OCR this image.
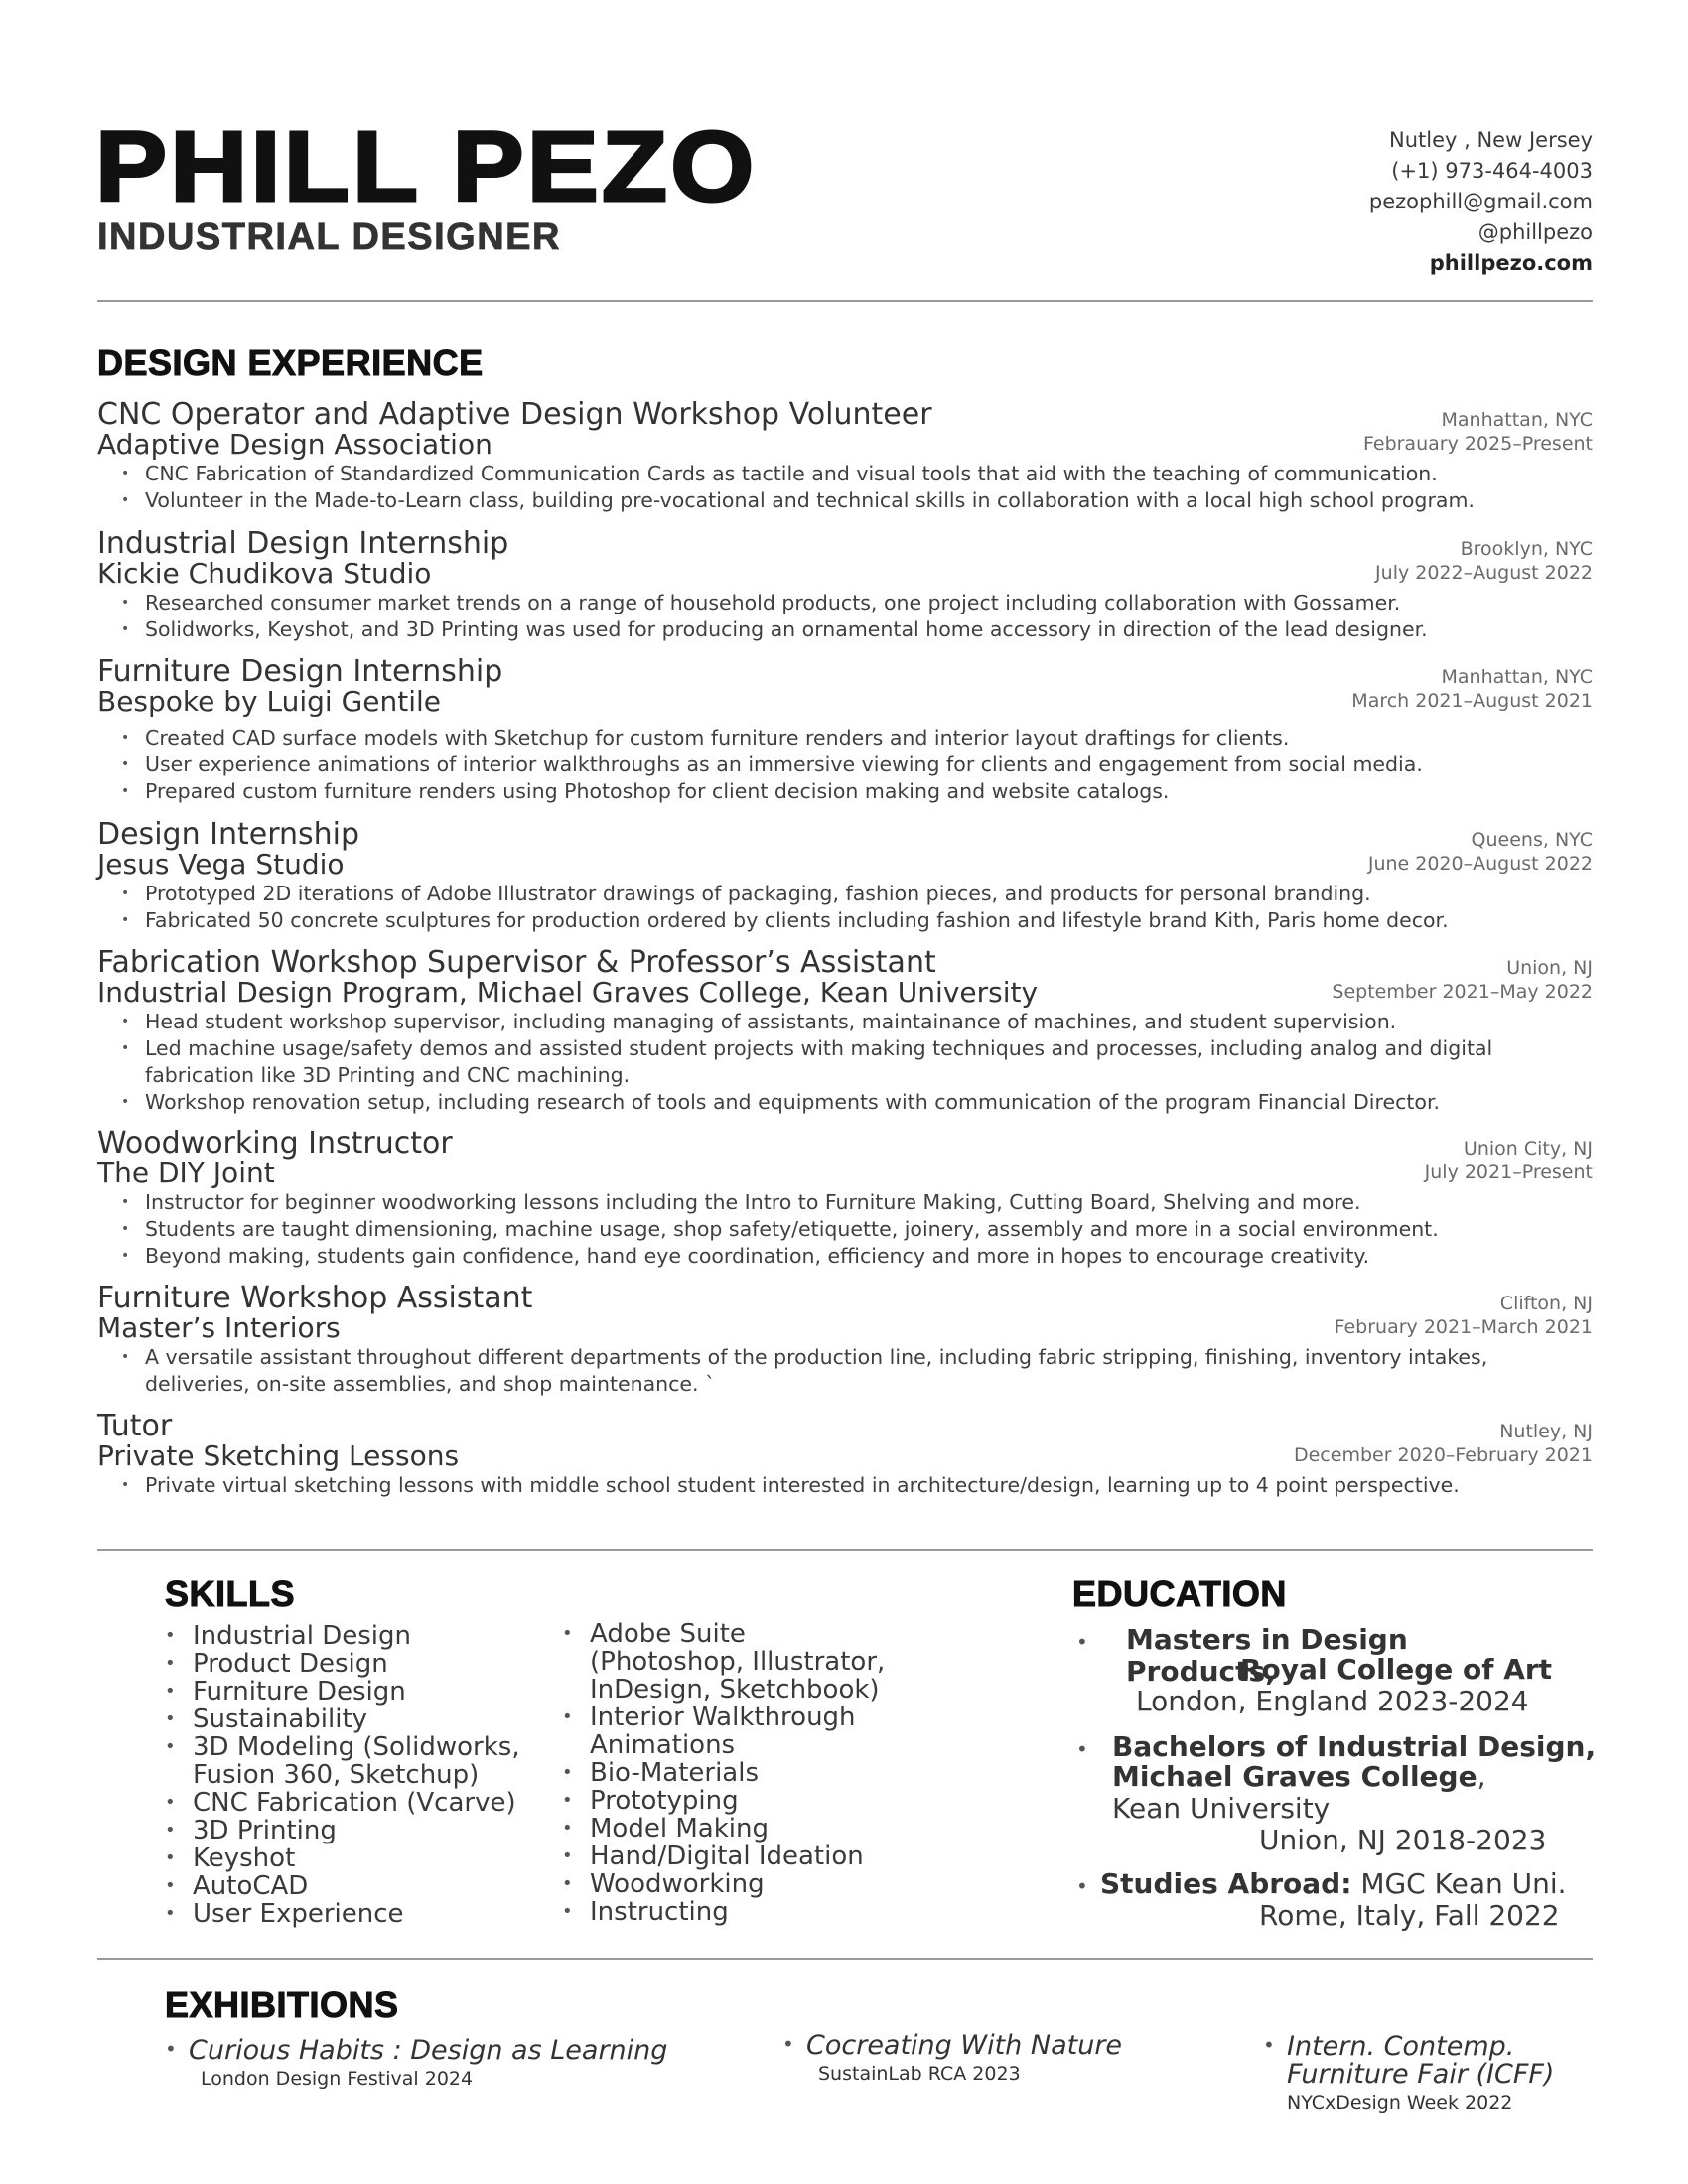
PHILL PEZO
INDUSTRIAL DESIGNER
Nutley , New Jersey
(+1) 973-464-4003
pezophill@gmail.com
@phillpezo
phillpezo.com
DESIGN EXPERIENCE
CNC Operator and Adaptive Design Workshop Volunteer
Adaptive Design Association
Manhattan, NYC
Febrauary 2025–Present
• CNC Fabrication of Standardized Communication Cards as tactile and visual tools that aid with the teaching of communication.
• Volunteer in the Made-to-Learn class, building pre-vocational and technical skills in collaboration with a local high school program.
Industrial Design Internship
Kickie Chudikova Studio
Brooklyn, NYC
July 2022–August 2022
• Researched consumer market trends on a range of household products, one project including collaboration with Gossamer.
• Solidworks, Keyshot, and 3D Printing was used for producing an ornamental home accessory in direction of the lead designer.
Furniture Design Internship
Bespoke by Luigi Gentile
Manhattan, NYC
March 2021–August 2021
• Created CAD surface models with Sketchup for custom furniture renders and interior layout draftings for clients.
• User experience animations of interior walkthroughs as an immersive viewing for clients and engagement from social media.
• Prepared custom furniture renders using Photoshop for client decision making and website catalogs.
Design Internship
Jesus Vega Studio
Queens, NYC
June 2020–August 2022
• Prototyped 2D iterations of Adobe Illustrator drawings of packaging, fashion pieces, and products for personal branding.
• Fabricated 50 concrete sculptures for production ordered by clients including fashion and lifestyle brand Kith, Paris home decor.
Fabrication Workshop Supervisor & Professor’s Assistant
Industrial Design Program, Michael Graves College, Kean University
Union, NJ
September 2021–May 2022
• Head student workshop supervisor, including managing of assistants, maintainance of machines, and student supervision.
• Led machine usage/safety demos and assisted student projects with making techniques and processes, including analog and digital fabrication like 3D Printing and CNC machining.
• Workshop renovation setup, including research of tools and equipments with communication of the program Financial Director.
Woodworking Instructor
The DIY Joint
Union City, NJ
July 2021–Present
• Instructor for beginner woodworking lessons including the Intro to Furniture Making, Cutting Board, Shelving and more.
• Students are taught dimensioning, machine usage, shop safety/etiquette, joinery, assembly and more in a social environment.
• Beyond making, students gain confidence, hand eye coordination, efficiency and more in hopes to encourage creativity.
Furniture Workshop Assistant
Master’s Interiors
Clifton, NJ
February 2021–March 2021
• A versatile assistant throughout different departments of the production line, including fabric stripping, finishing, inventory intakes, deliveries, on-site assemblies, and shop maintenance. `
Tutor
Private Sketching Lessons
Nutley, NJ
December 2020–February 2021
• Private virtual sketching lessons with middle school student interested in architecture/design, learning up to 4 point perspective.
SKILLS
• Industrial Design
• Product Design
• Furniture Design
• Sustainability
• 3D Modeling (Solidworks, Fusion 360, Sketchup)
• CNC Fabrication (Vcarve)
• 3D Printing
• Keyshot
• AutoCAD
• User Experience
• Adobe Suite (Photoshop, Illustrator, InDesign, Sketchbook)
• Interior Walkthrough Animations
• Bio-Materials
• Prototyping
• Model Making
• Hand/Digital Ideation
• Woodworking
• Instructing
EDUCATION
• Masters in Design Products,
Royal College of Art
London, England 2023-2024
• Bachelors of Industrial Design,
Michael Graves College,
Kean University
Union, NJ 2018-2023
• Studies Abroad: MGC Kean Uni.
Rome, Italy, Fall 2022
EXHIBITIONS
• Curious Habits : Design as Learning
London Design Festival 2024
• Cocreating With Nature
SustainLab RCA 2023
• Intern. Contemp. Furniture Fair (ICFF)
NYCxDesign Week 2022
